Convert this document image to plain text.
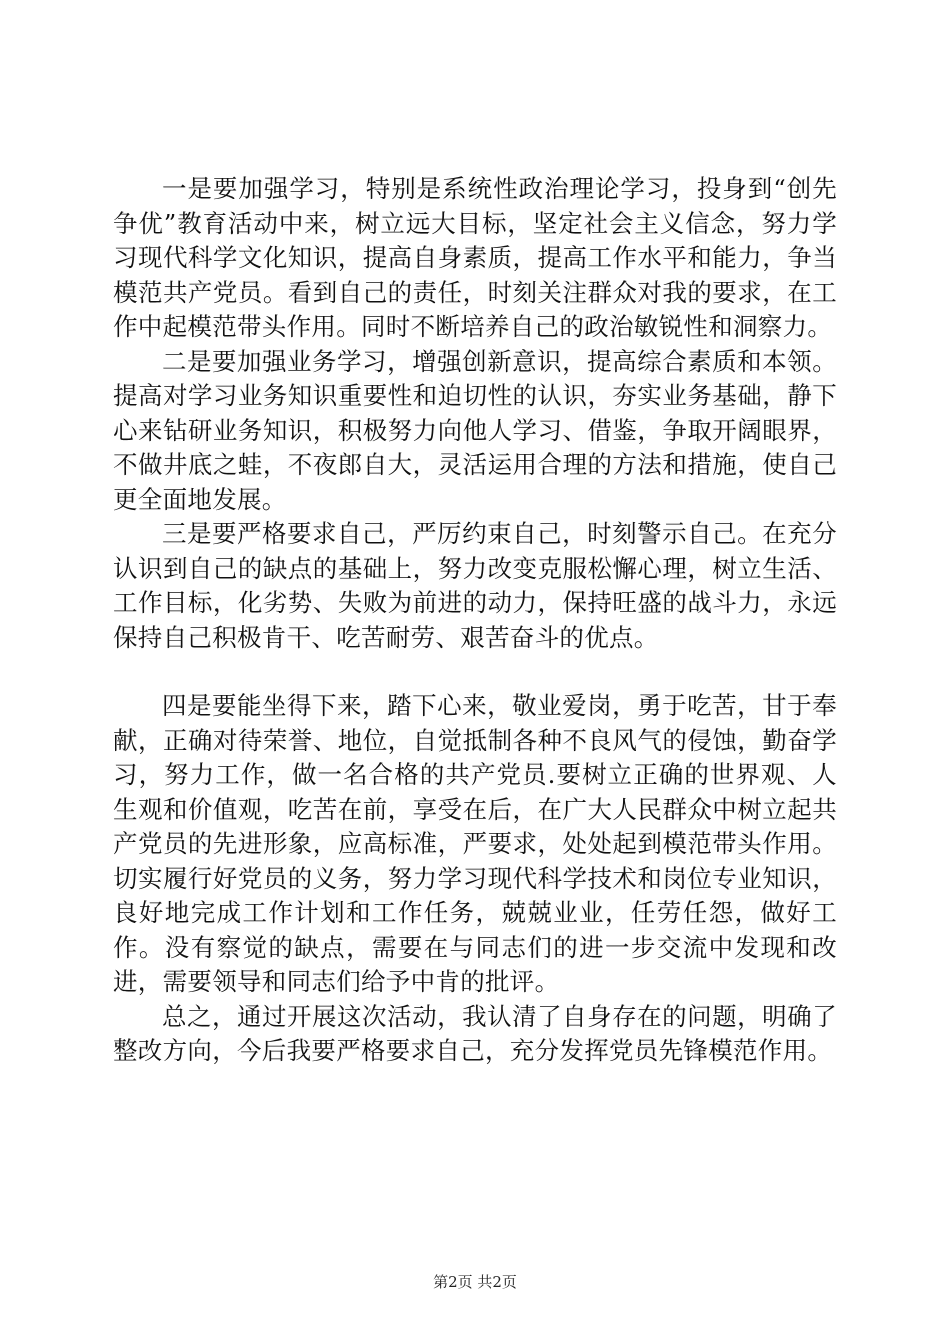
一是要加强学习，特别是系统性政治理论学习，投身到“创先争优”教育活动中来，树立远大目标，坚定社会主义信念，努力学习现代科学文化知识，提高自身素质，提高工作水平和能力，争当模范共产党员。看到自己的责任，时刻关注群众对我的要求，在工作中起模范带头作用。同时不断培养自己的政治敏锐性和洞察力。

二是要加强业务学习，增强创新意识，提高综合素质和本领。提高对学习业务知识重要性和迫切性的认识，夯实业务基础，静下心来钻研业务知识，积极努力向他人学习、借鉴，争取开阔眼界，不做井底之蛙，不夜郎自大，灵活运用合理的方法和措施，使自己更全面地发展。

三是要严格要求自己，严厉约束自己，时刻警示自己。在充分认识到自己的缺点的基础上，努力改变克服松懈心理，树立生活、工作目标，化劣势、失败为前进的动力，保持旺盛的战斗力，永远保持自己积极肯干、吃苦耐劳、艰苦奋斗的优点。

四是要能坐得下来，踏下心来，敬业爱岗，勇于吃苦，甘于奉献，正确对待荣誉、地位，自觉抵制各种不良风气的侵蚀，勤奋学习，努力工作，做一名合格的共产党员.要树立正确的世界观、人生观和价值观，吃苦在前，享受在后，在广大人民群众中树立起共产党员的先进形象，应高标准，严要求，处处起到模范带头作用。切实履行好党员的义务，努力学习现代科学技术和岗位专业知识，良好地完成工作计划和工作任务，兢兢业业，任劳任怨，做好工作。没有察觉的缺点，需要在与同志们的进一步交流中发现和改进，需要领导和同志们给予中肯的批评。

总之，通过开展这次活动，我认清了自身存在的问题，明确了整改方向，今后我要严格要求自己，充分发挥党员先锋模范作用。

第2页 共2页
